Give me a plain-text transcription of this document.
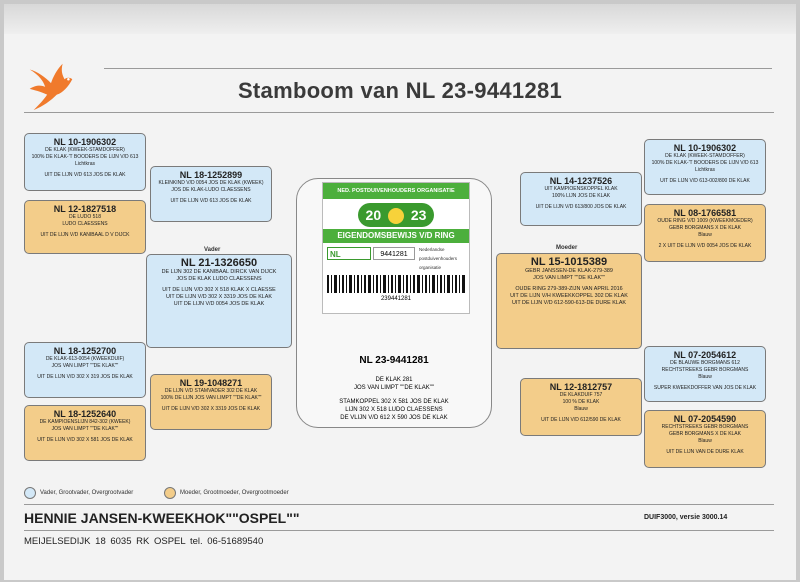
Stamboom van NL 23-9441281
NL 10-1906302
DE KLAK (KWEEK-STAMDOFFER)
100% DE KLAK-'T BOODERS DE LIJN V/D 613
Lichtkras
UIT DE LIJN V/D 613 JOS DE KLAK
NL 12-1827518
DE LUDO 518
LUDO CLAESSENS
UIT DE LIJN V/D KANIBAAL D V DIJCK
NL 18-1252700
DE KLAK-613-0054 (KWEEKDUIF)
JOS VAN LIMPT ""DE KLAK""
UIT DE LIJN V/D 302 X 319 JOS DE KLAK
NL 18-1252640
DE KAMPIOENSLIJN 842-302 (KWEEK)
JOS VAN LIMPT ""DE KLAK""
UIT DE LIJN V/D 302 X 581 JOS DE KLAK
NL 18-1252899
KLEINKIND V/D 0054 JOS DE KLAK (KWEEK)
JOS DE KLAK-LUDO CLAESSENS
UIT DE LIJN V/D 613 JOS DE KLAK
NL 19-1048271
DE LIJN V/D STAMVADER 302 DE KLAK
100% DE LIJN JOS VAN LIMPT ""DE KLAK""
UIT DE LIJN V/D 302 X 3319 JOS DE KLAK
Vader
NL 21-1326650
DE LIJN 302 DE KANIBAAL DIRCK VAN DIJCK
JOS DE KLAK LUDO CLAESSENS
UIT DE LIJN V/D 302 X 518 KLAK X CLAESSE
UIT DE LIJN V/D 302 X 3319 JOS DE KLAK
UIT DE LIJN V/D 0054 JOS DE KLAK
NED. POSTDUIVENHOUDERS ORGANISATIE
20 23
EIGENDOMSBEWIJS V/D RING
NL	9441281
Nederlandse
postduivenhouders
organisatie
239441281
NL 23-9441281
DE KLAK 281
JOS VAN LIMPT ""DE KLAK""
STAMKOPPEL 302 X 581 JOS DE KLAK
LIJN 302 X 518 LUDO CLAESSENS
DE VLIJN V/D 612 X 590 JOS DE KLAK
NL 14-1237526
UIT KAMPIOENSKOPPEL KLAK
100% LIJN JOS DE KLAK
UIT DE LIJN V/D 613/800 JOS DE KLAK
NL 12-1812757
DE KLAKDUIF 757
100 % DE KLAK
Blauw
UIT DE LIJN V/D 612/590 DE KLAK
Moeder
NL 15-1015389
GEBR JANSSEN-DE KLAK-279-389
JOS VAN LIMPT ""DE KLAK""
OUDE RING 279-389-ZIJN VAN APRIL 2016
UIT DE LIJN V/H KWEEKKOPPEL 302 DE KLAK
UIT DE LIJN V/D 612-590-613-DE DURE KLAK
NL 10-1906302
DE KLAK (KWEEK-STAMDOFFER)
100% DE KLAK-'T BOODERS DE LIJN V/D 613
Lichtkras
UIT DE LIJN V/D 613-002/800 DE KLAK
NL 08-1766581
OUDE RING V/D 1009 (KWEEKMOEDER)
GEBR BORGMANS X DE KLAK
Blauw
2 X UIT DE LIJN V/D 0054 JOS DE KLAK
NL 07-2054612
DE BLAUWE BORGMANS 612
RECHTSTREEKS GEBR BORGMANS
Blauw
SUPER KWEEKDOFFER VAN JOS DE KLAK
NL 07-2054590
RECHTSTREEKS GEBR BORGMANS
GEBR BORGMANS X DE KLAK
Blauw
UIT DE LIJN VAN DE DURE KLAK
Vader, Grootvader, Overgrootvader	Moeder, Grootmoeder, Overgrootmoeder
HENNIE JANSEN-KWEEKHOK""OSPEL""	DUIF3000, versie 3000.14
MEIJELSEDIJK 18 6035 RK OSPEL tel. 06-51689540
